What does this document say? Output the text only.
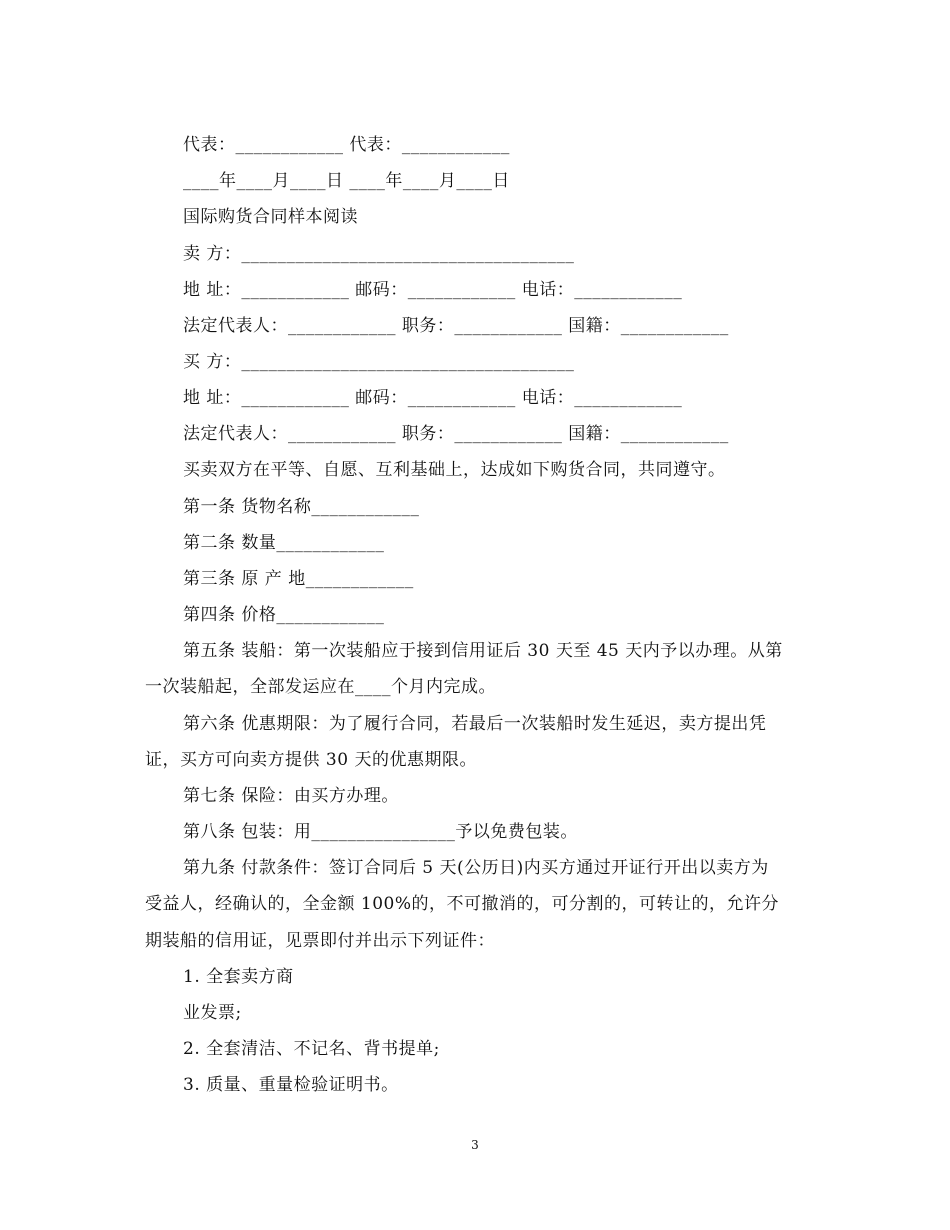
代表：____________ 代表：____________
____年____月____日 ____年____月____日
国际购货合同样本阅读
卖 方：_____________________________________
地 址：____________ 邮码：____________ 电话：____________
法定代表人：____________ 职务：____________ 国籍：____________
买 方：_____________________________________
地 址：____________ 邮码：____________ 电话：____________
法定代表人：____________ 职务：____________ 国籍：____________
买卖双方在平等、自愿、互利基础上，达成如下购货合同，共同遵守。
第一条 货物名称____________
第二条 数量____________
第三条 原 产 地____________
第四条 价格____________
第五条 装船：第一次装船应于接到信用证后 30 天至 45 天内予以办理。从第
一次装船起，全部发运应在____个月内完成。
第六条 优惠期限：为了履行合同，若最后一次装船时发生延迟，卖方提出凭
证，买方可向卖方提供 30 天的优惠期限。
第七条 保险：由买方办理。
第八条 包装：用________________予以免费包装。
第九条 付款条件：签订合同后 5 天(公历日)内买方通过开证行开出以卖方为
受益人，经确认的，全金额 100%的，不可撤消的，可分割的，可转让的，允许分
期装船的信用证，见票即付并出示下列证件：
1. 全套卖方商
业发票;
2. 全套清洁、不记名、背书提单;
3. 质量、重量检验证明书。
3
